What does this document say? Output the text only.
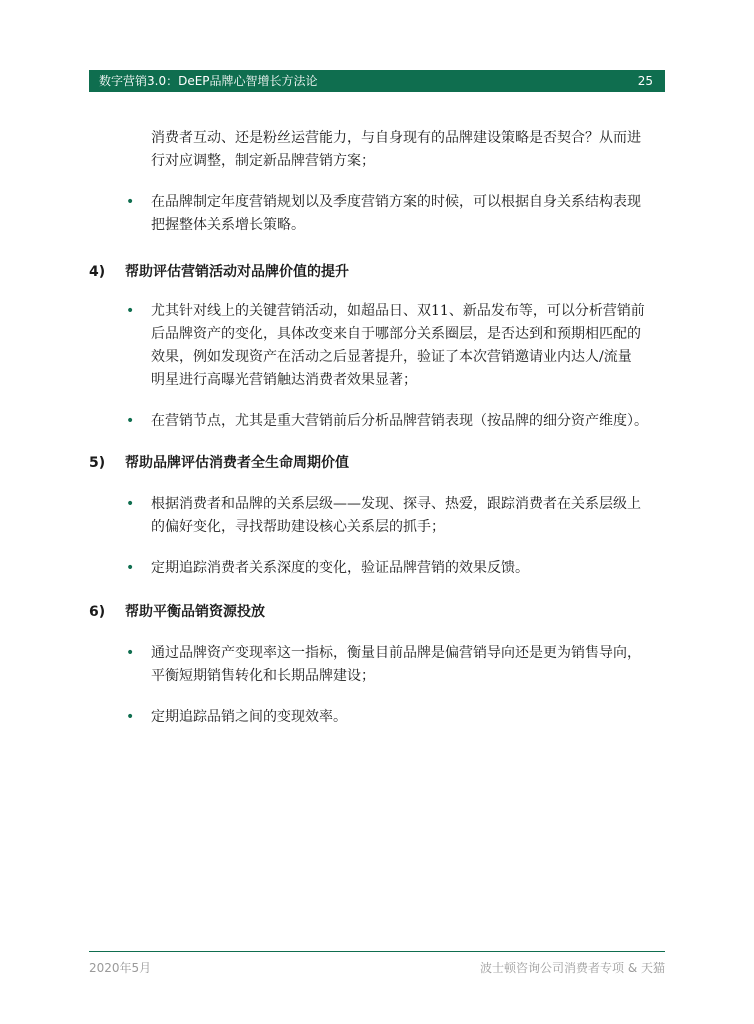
数字营销3.0：DeEP品牌心智增长方法论	25
消费者互动、还是粉丝运营能力，与自身现有的品牌建设策略是否契合？从而进
行对应调整，制定新品牌营销方案；
• 在品牌制定年度营销规划以及季度营销方案的时候，可以根据自身关系结构表现
把握整体关系增长策略。
4) 帮助评估营销活动对品牌价值的提升
• 尤其针对线上的关键营销活动，如超品日、双11、新品发布等，可以分析营销前
后品牌资产的变化，具体改变来自于哪部分关系圈层，是否达到和预期相匹配的
效果，例如发现资产在活动之后显著提升，验证了本次营销邀请业内达人/流量
明星进行高曝光营销触达消费者效果显著；
• 在营销节点，尤其是重大营销前后分析品牌营销表现（按品牌的细分资产维度）。
5) 帮助品牌评估消费者全生命周期价值
• 根据消费者和品牌的关系层级——发现、探寻、热爱，跟踪消费者在关系层级上
的偏好变化，寻找帮助建设核心关系层的抓手；
• 定期追踪消费者关系深度的变化，验证品牌营销的效果反馈。
6) 帮助平衡品销资源投放
• 通过品牌资产变现率这一指标，衡量目前品牌是偏营销导向还是更为销售导向，
平衡短期销售转化和长期品牌建设；
• 定期追踪品销之间的变现效率。
2020年5月	波士顿咨询公司消费者专项 & 天猫
